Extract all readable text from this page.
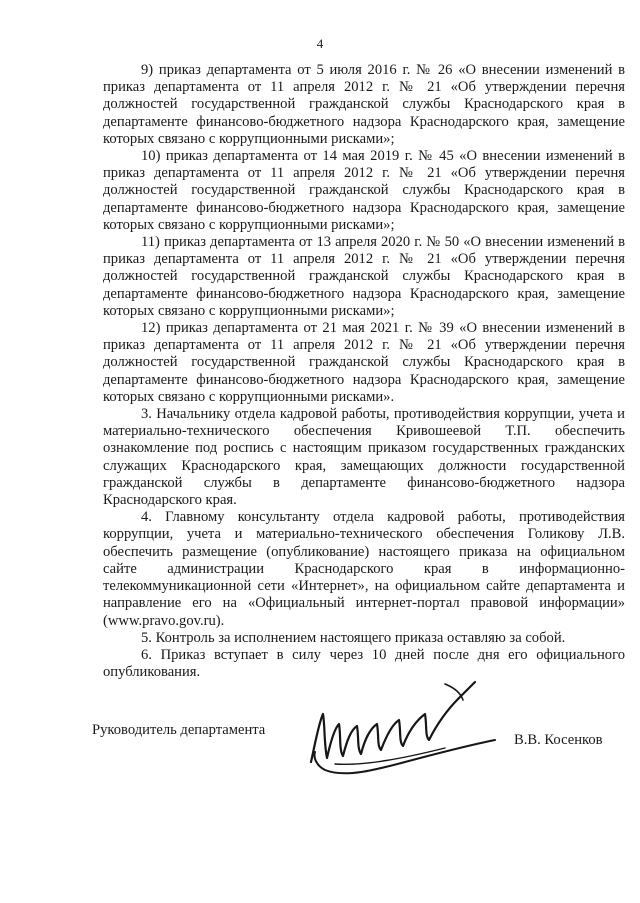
4

9) приказ департамента от 5 июля 2016 г. № 26 «О внесении изменений в приказ департамента от 11 апреля 2012 г. № 21 «Об утверждении перечня должностей государственной гражданской службы Краснодарского края в департаменте финансово-бюджетного надзора Краснодарского края, замещение которых связано с коррупционными рисками»;

10) приказ департамента от 14 мая 2019 г. № 45 «О внесении изменений в приказ департамента от 11 апреля 2012 г. № 21 «Об утверждении перечня должностей государственной гражданской службы Краснодарского края в департаменте финансово-бюджетного надзора Краснодарского края, замещение которых связано с коррупционными рисками»;

11) приказ департамента от 13 апреля 2020 г. № 50 «О внесении изменений в приказ департамента от 11 апреля 2012 г. № 21 «Об утверждении перечня должностей государственной гражданской службы Краснодарского края в департаменте финансово-бюджетного надзора Краснодарского края, замещение которых связано с коррупционными рисками»;

12) приказ департамента от 21 мая 2021 г. № 39 «О внесении изменений в приказ департамента от 11 апреля 2012 г. № 21 «Об утверждении перечня должностей государственной гражданской службы Краснодарского края в департаменте финансово-бюджетного надзора Краснодарского края, замещение которых связано с коррупционными рисками».

3. Начальнику отдела кадровой работы, противодействия коррупции, учета и материально-технического обеспечения Кривошеевой Т.П. обеспечить ознакомление под роспись с настоящим приказом государственных гражданских служащих Краснодарского края, замещающих должности государственной гражданской службы в департаменте финансово-бюджетного надзора Краснодарского края.

4. Главному консультанту отдела кадровой работы, противодействия коррупции, учета и материально-технического обеспечения Голикову Л.В. обеспечить размещение (опубликование) настоящего приказа на официальном сайте администрации Краснодарского края в информационно-телекоммуникационной сети «Интернет», на официальном сайте департамента и направление его на «Официальный интернет-портал правовой информации» (www.pravo.gov.ru).

5. Контроль за исполнением настоящего приказа оставляю за собой.

6. Приказ вступает в силу через 10 дней после дня его официального опубликования.

Руководитель департамента
В.В. Косенков
